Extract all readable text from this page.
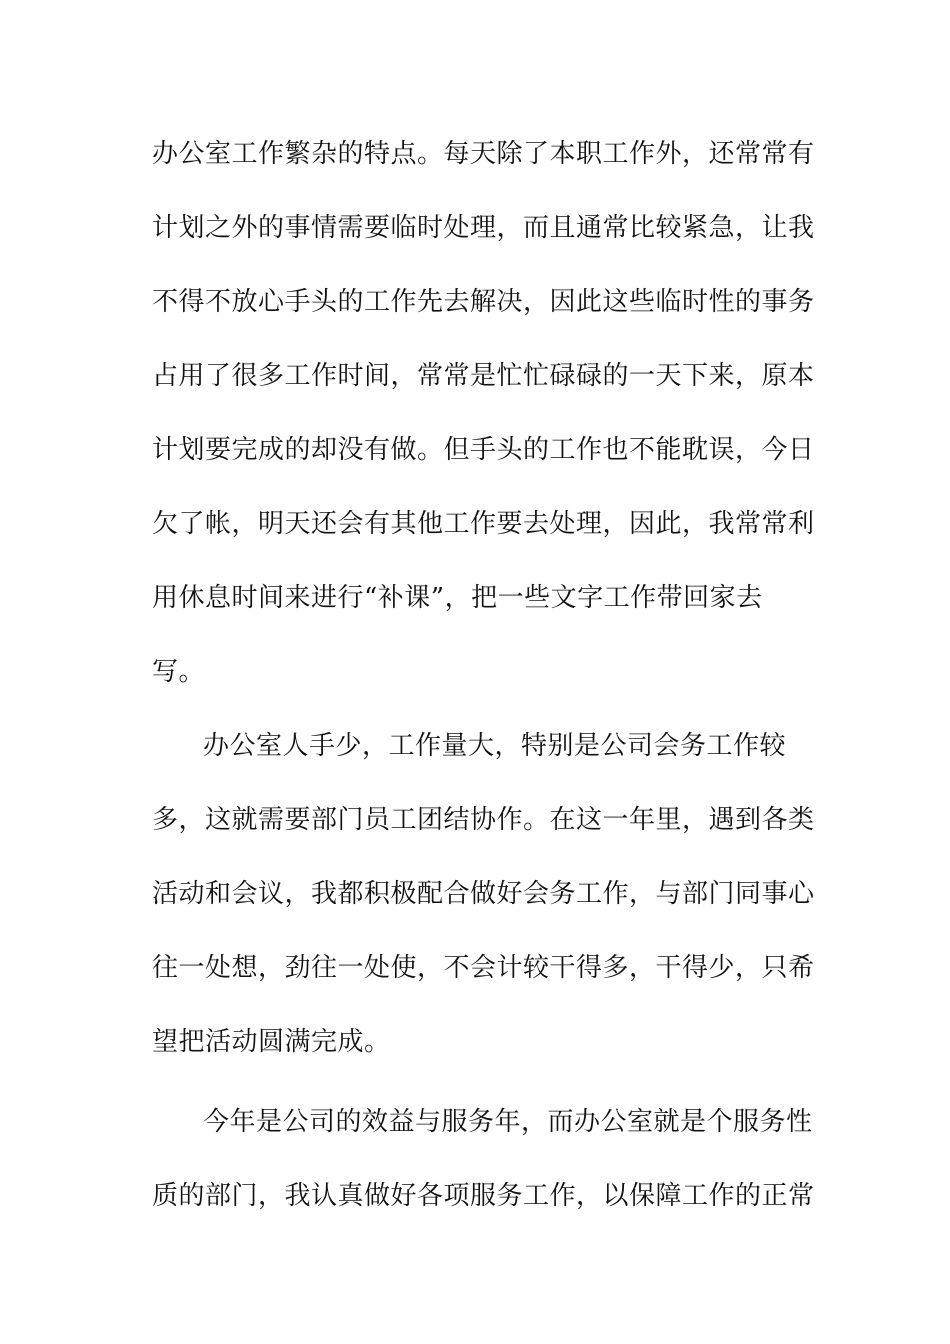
办公室工作繁杂的特点。每天除了本职工作外，还常常有
计划之外的事情需要临时处理，而且通常比较紧急，让我
不得不放心手头的工作先去解决，因此这些临时性的事务
占用了很多工作时间，常常是忙忙碌碌的一天下来，原本
计划要完成的却没有做。但手头的工作也不能耽误，今日
欠了帐，明天还会有其他工作要去处理，因此，我常常利
用休息时间来进行“补课”，把一些文字工作带回家去
写。
办公室人手少，工作量大，特别是公司会务工作较
多，这就需要部门员工团结协作。在这一年里，遇到各类
活动和会议，我都积极配合做好会务工作，与部门同事心
往一处想，劲往一处使，不会计较干得多，干得少，只希
望把活动圆满完成。
今年是公司的效益与服务年，而办公室就是个服务性
质的部门，我认真做好各项服务工作，以保障工作的正常
